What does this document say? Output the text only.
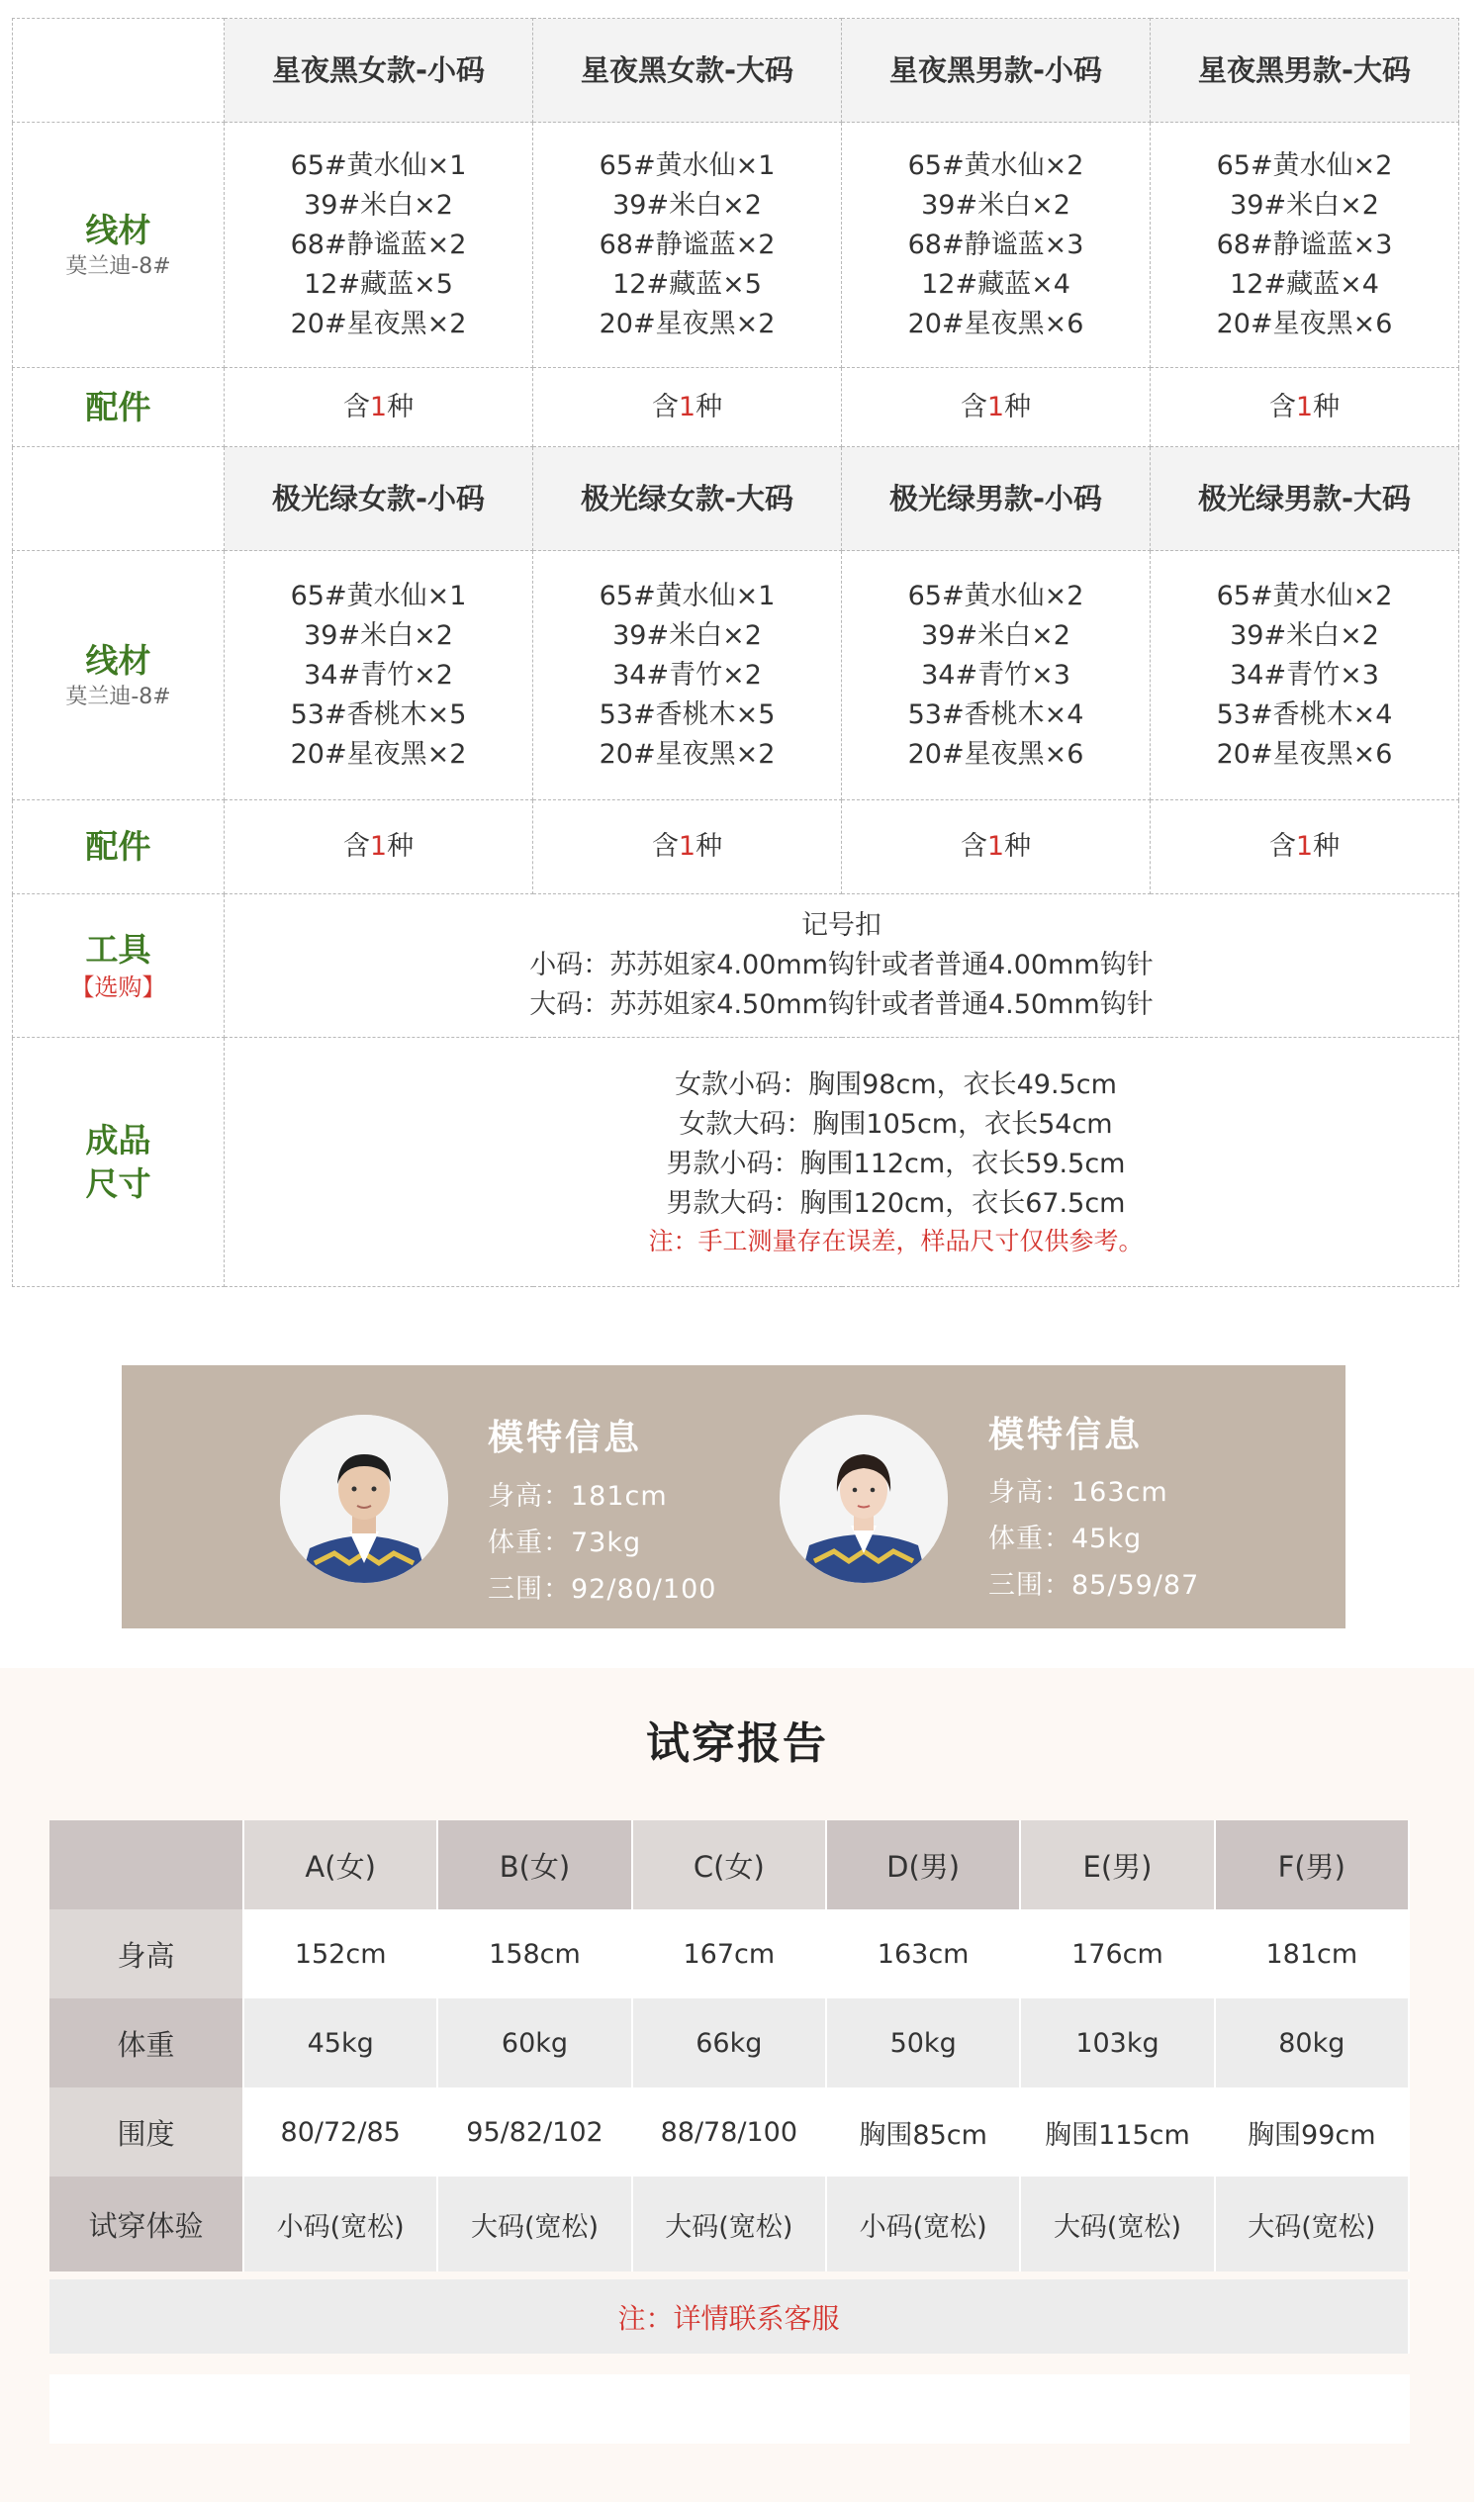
	星夜黑女款-小码	星夜黑女款-大码	星夜黑男款-小码	星夜黑男款-大码

线材
莫兰迪-8#	65#黄水仙×1
39#米白×2
68#静谧蓝×2
12#藏蓝×5
20#星夜黑×2	65#黄水仙×1
39#米白×2
68#静谧蓝×2
12#藏蓝×5
20#星夜黑×2	65#黄水仙×2
39#米白×2
68#静谧蓝×3
12#藏蓝×4
20#星夜黑×6	65#黄水仙×2
39#米白×2
68#静谧蓝×3
12#藏蓝×4
20#星夜黑×6

配件	含1种	含1种	含1种	含1种
	极光绿女款-小码	极光绿女款-大码	极光绿男款-小码	极光绿男款-大码

线材
莫兰迪-8#	65#黄水仙×1
39#米白×2
34#青竹×2
53#香桃木×5
20#星夜黑×2	65#黄水仙×1
39#米白×2
34#青竹×2
53#香桃木×5
20#星夜黑×2	65#黄水仙×2
39#米白×2
34#青竹×3
53#香桃木×4
20#星夜黑×6	65#黄水仙×2
39#米白×2
34#青竹×3
53#香桃木×4
20#星夜黑×6

配件	含1种	含1种	含1种	含1种

工具
【选购】	记号扣
小码：苏苏姐家4.00mm钩针或者普通4.00mm钩针
大码：苏苏姐家4.50mm钩针或者普通4.50mm钩针			

成品
尺寸	女款小码：胸围98cm，衣长49.5cm
女款大码：胸围105cm，衣长54cm
男款小码：胸围112cm，衣长59.5cm
男款大码：胸围120cm，衣长67.5cm
注：手工测量存在误差，样品尺寸仅供参考。			
模特信息
身高：181cm
体重：73kg
三围：92/80/100
模特信息
身高：163cm
体重：45kg
三围：85/59/87
试穿报告
	A(女)	B(女)	C(女)	D(男)	E(男)	F(男)
身高	152cm	158cm	167cm	163cm	176cm	181cm
体重	45kg	60kg	66kg	50kg	103kg	80kg
围度	80/72/85	95/82/102	88/78/100	胸围85cm	胸围115cm	胸围99cm
试穿体验	小码(宽松)	大码(宽松)	大码(宽松)	小码(宽松)	大码(宽松)	大码(宽松)

注：详情联系客服						
